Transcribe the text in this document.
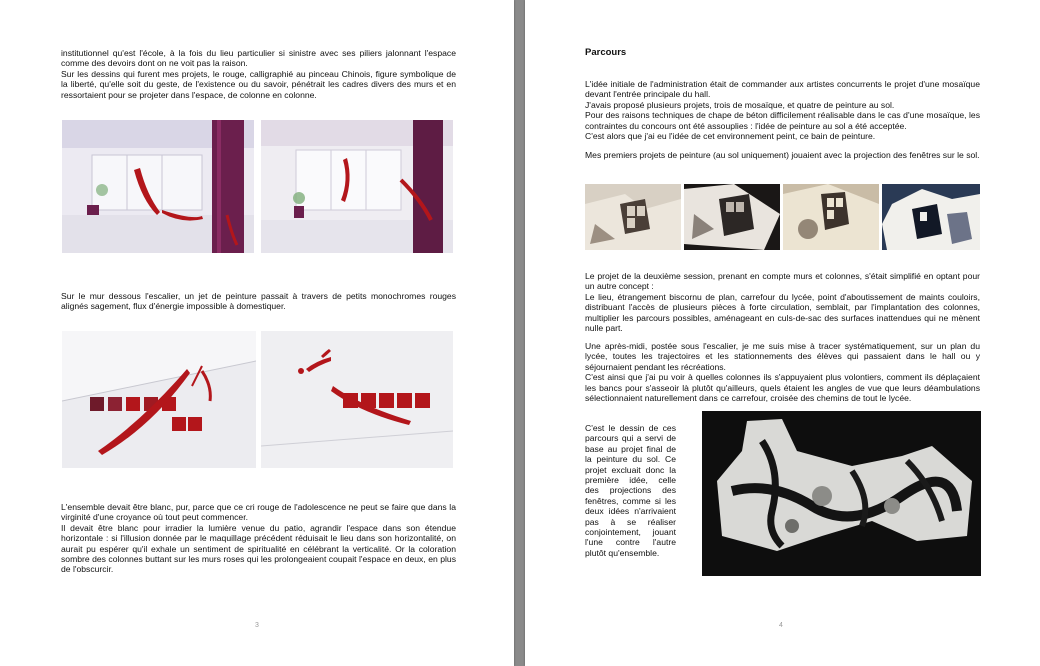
institutionnel qu'est l'école, à la fois du lieu particulier si sinistre avec ses piliers jalonnant l'espace comme des devoirs dont on ne voit pas la raison.

Sur les dessins qui furent mes projets, le rouge, calligraphié au pinceau Chinois, figure symbolique de la liberté, qu'elle soit du geste, de l'existence ou du savoir, pénétrait les cadres divers des murs et en ressortaient pour se projeter dans l'espace, de colonne en colonne.

Sur le mur dessous l'escalier, un jet de peinture passait à travers de petits monochromes rouges alignés sagement, flux d'énergie impossible à domestiquer.

L'ensemble devait être blanc, pur, parce que ce cri rouge de l'adolescence ne peut se faire que dans la virginité d'une croyance où tout peut commencer.

Il devait être blanc pour irradier la lumière venue du patio, agrandir l'espace dans son étendue horizontale : si l'illusion donnée par le maquillage précédent réduisait le lieu dans son horizontalité, on aurait pu espérer qu'il exhale un sentiment de spiritualité en célébrant la verticalité. Or la coloration sombre des colonnes buttant sur les murs roses qui les prolongeaient coupait l'espace en deux, en plus de l'obscurcir.

3
Parcours

L'idée initiale de l'administration était de commander aux artistes concurrents le projet d'une mosaïque devant l'entrée principale du hall.

J'avais proposé plusieurs projets, trois de mosaïque, et quatre de peinture au sol.

Pour des raisons techniques de chape de béton difficilement réalisable dans le cas d'une mosaïque, les contraintes du concours ont été assouplies : l'idée de peinture au sol a été acceptée.

C'est alors que j'ai eu l'idée de cet environnement peint, ce bain de peinture.

Mes premiers projets de peinture (au sol uniquement) jouaient avec la projection des fenêtres sur le sol.

Le projet de la deuxième session, prenant en compte murs et colonnes, s'était simplifié en optant pour un autre concept :

Le lieu, étrangement biscornu de plan, carrefour du lycée, point d'aboutissement de maints couloirs, distribuant l'accès de plusieurs pièces à forte circulation, semblait, par l'implantation des colonnes, multiplier les parcours possibles, aménageant en culs-de-sac des surfaces inattendues qui ne mènent nulle part.

Une après-midi, postée sous l'escalier, je me suis mise à tracer systématiquement, sur un plan du lycée, toutes les trajectoires et les stationnements des élèves qui passaient dans le hall ou y séjournaient pendant les récréations.

C'est ainsi que j'ai pu voir à quelles colonnes ils s'appuyaient plus volontiers, comment ils déplaçaient les bancs pour s'asseoir là plutôt qu'ailleurs, quels étaient les angles de vue que leurs déambulations sélectionnaient naturellement dans ce carrefour, croisée des chemins de tout le lycée.

C'est le dessin de ces parcours qui a servi de base au projet final de la peinture du sol. Ce projet excluait donc la première idée, celle des projections des fenêtres, comme si les deux idées n'arrivaient pas à se réaliser conjointement, jouant l'une contre l'autre plutôt qu'ensemble.

4
